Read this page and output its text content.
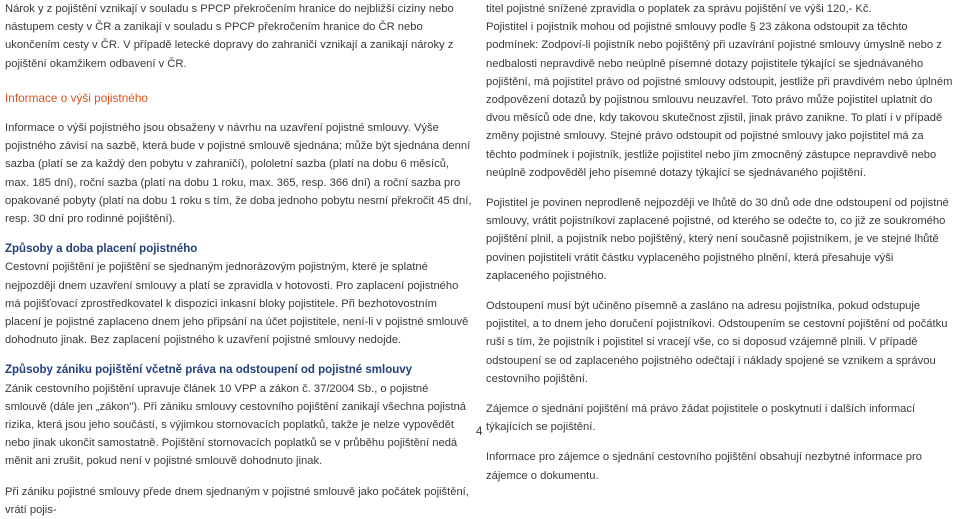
Nárok y z pojištění vznikají v souladu s PPCP překročením hranice do nejbližší ciziny nebo nástupem cesty v ČR a zanikají v souladu s PPCP překročením hranice do ČR nebo ukončením cesty v ČR. V případě letecké dopravy do zahraničí vznikají a zanikají nároky z pojištění okamžikem odbavení v ČR.

Informace o výši pojistného

Informace o výši pojistného jsou obsaženy v návrhu na uzavření pojistné smlouvy. Výše pojistného závisí na sazbě, která bude v pojistné smlouvě sjednána; může být sjednána denní sazba (platí se za každý den pobytu v zahraničí), pololetní sazba (platí na dobu 6 měsíců, max. 185 dní), roční sazba (platí na dobu 1 roku, max. 365, resp. 366 dní) a roční sazba pro opakované pobyty (platí na dobu 1 roku s tím, že doba jednoho pobytu nesmí překročit 45 dní, resp. 30 dní pro rodinné pojištění).

Způsoby a doba placení pojistného

Cestovní pojištění je pojištění se sjednaným jednorázovým pojistným, které je splatné nejpozději dnem uzavření smlouvy a platí se zpravidla v hotovosti. Pro zaplacení pojistného má pojišťovací zprostředkovatel k dispozici inkasní bloky pojistitele. Při bezhotovostním placení je pojistné zaplaceno dnem jeho připsání na účet pojistitele, není-li v pojistné smlouvě dohodnuto jinak. Bez zaplacení pojistného k uzavření pojistné smlouvy nedojde.

Způsoby zániku pojištění včetně práva na odstoupení od pojistné smlouvy

Zánik cestovního pojištění upravuje článek 10 VPP a zákon č. 37/2004 Sb., o pojistné smlouvě (dále jen „zákon"). Při zániku smlouvy cestovního pojištění zanikají všechna pojistná rizika, která jsou jeho součástí, s výjimkou stornovacích poplatků, takže je nelze vypovědět nebo jinak ukončit samostatně. Pojištění stornovacích poplatků se v průběhu pojištění nedá měnit ani zrušit, pokud není v pojistné smlouvě dohodnuto jinak.

Při zániku pojistné smlouvy přede dnem sjednaným v pojistné smlouvě jako počátek pojištění, vrátí pojis-

titel pojistné snížené zpravidla o poplatek za správu pojištění ve výši 120,- Kč.

Pojistitel i pojistník mohou od pojistné smlouvy podle § 23 zákona odstoupit za těchto podmínek: Zodpoví-li pojistník nebo pojištěný při uzavírání pojistné smlouvy úmyslně nebo z nedbalosti nepravdivě nebo neúplně písemné dotazy pojistitele týkající se sjednávaného pojištění, má pojistitel právo od pojistné smlouvy odstoupit, jestliže při pravdivém nebo úplném zodpovězení dotazů by pojistnou smlouvu neuzavřel. Toto právo může pojistitel uplatnit do dvou měsíců ode dne, kdy takovou skutečnost zjistil, jinak právo zanikne. To platí i v případě změny pojistné smlouvy. Stejné právo odstoupit od pojistné smlouvy jako pojistitel má za těchto podmínek i pojistník, jestliže pojistitel nebo jím zmocněný zástupce nepravdivě nebo neúplně zodpověděl jeho písemné dotazy týkající se sjednávaného pojištění.

Pojistitel je povinen neprodleně nejpozději ve lhůtě do 30 dnů ode dne odstoupení od pojistné smlouvy, vrátit pojistníkovi zaplacené pojistné, od kterého se odečte to, co již ze soukromého pojištění plnil, a pojistník nebo pojištěný, který není současně pojistníkem, je ve stejné lhůtě povinen pojistiteli vrátit částku vyplaceného pojistného plnění, která přesahuje výši zaplaceného pojistného.

Odstoupení musí být učiněno písemně a zasláno na adresu pojistníka, pokud odstupuje pojistitel, a to dnem jeho doručení pojistníkovi. Odstoupením se cestovní pojištění od počátku ruší s tím, že pojistník i pojistitel si vracejí vše, co si doposud vzájemně plnili. V případě odstoupení se od zaplaceného pojistného odečtají i náklady spojené se vznikem a správou cestovního pojištění.

Zájemce o sjednání pojištění má právo žádat pojistitele o poskytnutí i dalších informací týkajících se pojištění.

Informace pro zájemce o sjednání cestovního pojištění obsahují nezbytné informace pro zájemce o dokumentu.

4
